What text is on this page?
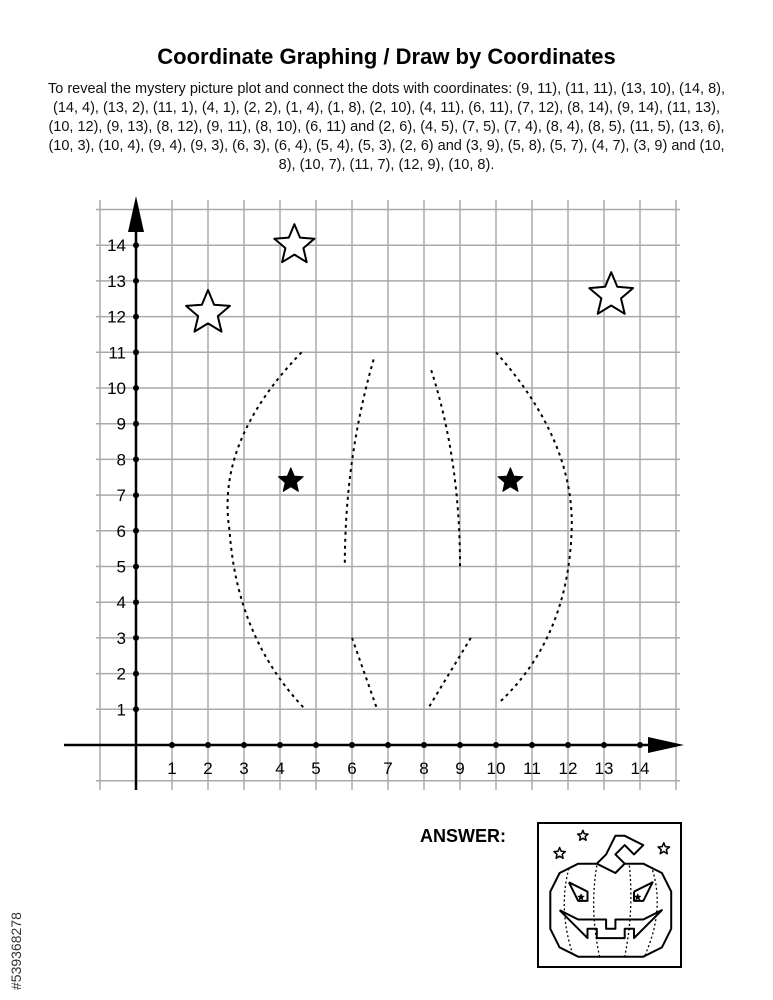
Coordinate Graphing / Draw by Coordinates
To reveal the mystery picture plot and connect the dots with coordinates: (9, 11), (11, 11), (13, 10), (14, 8), (14, 4), (13, 2), (11, 1), (4, 1), (2, 2), (1, 4), (1, 8), (2, 10), (4, 11), (6, 11), (7, 12), (8, 14), (9, 14), (11, 13), (10, 12), (9, 13), (8, 12), (9, 11), (8, 10), (6, 11) and (2, 6), (4, 5), (7, 5), (7, 4), (8, 4), (8, 5), (11, 5), (13, 6), (10, 3), (10, 4), (9, 4), (9, 3), (6, 3), (6, 4), (5, 4), (5, 3), (2, 6) and (3, 9), (5, 8), (5, 7), (4, 7), (3, 9) and (10, 8), (10, 7), (11, 7), (12, 9), (10, 8).
1 2 3 4 5 6 7 8 9 10 11 12 13 14
1
2
3
4
5
6
7
8
9
10
11
12
13
14
ANSWER:
#539368278
